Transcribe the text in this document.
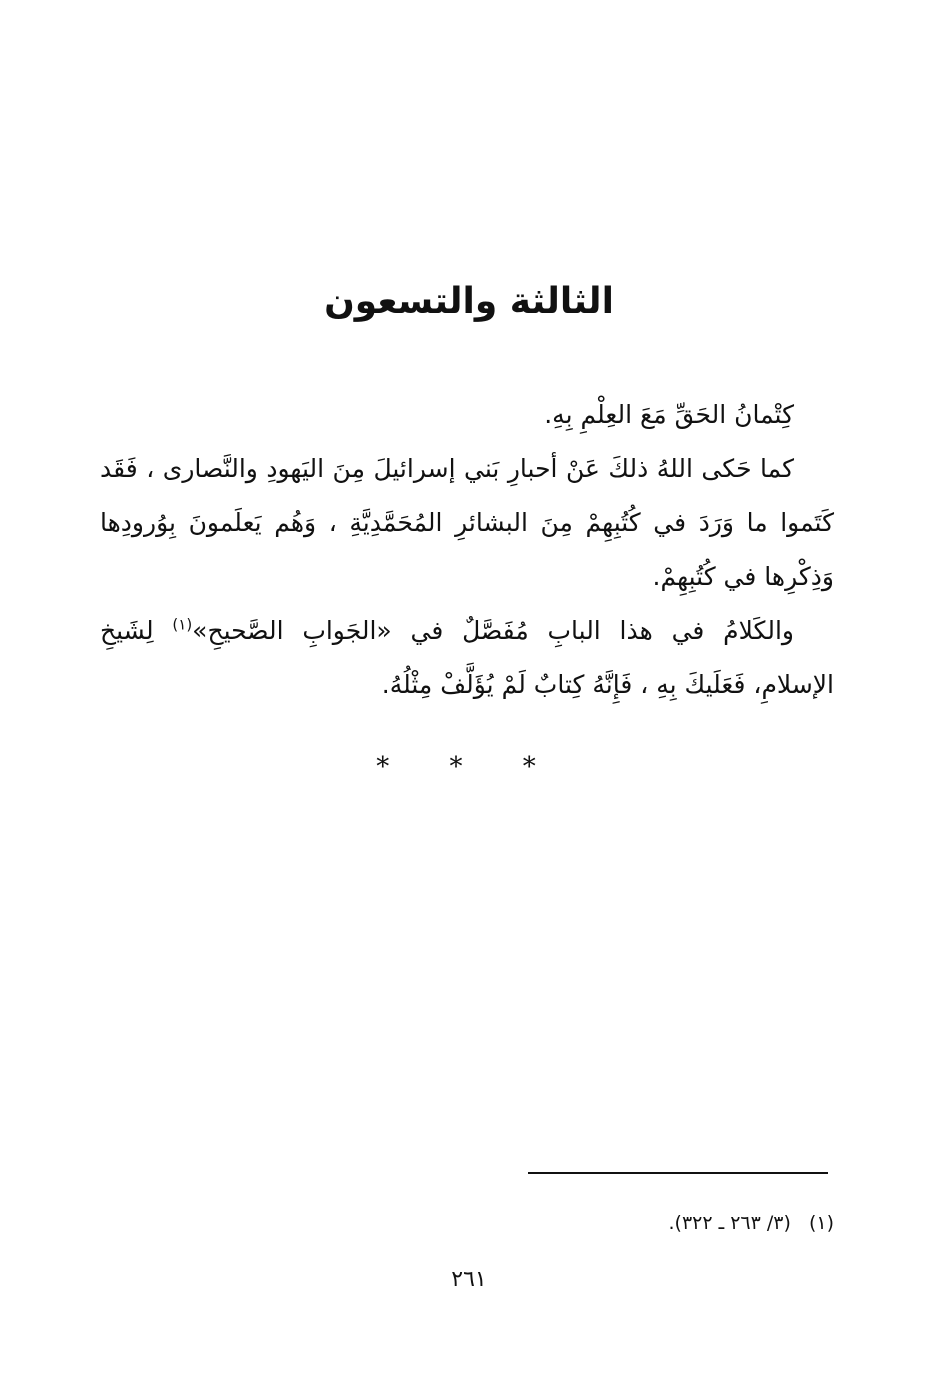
الثالثة والتسعون

كِتْمانُ الحَقِّ مَعَ العِلْمِ بِهِ.

كما حَكى اللهُ ذلكَ عَنْ أحبارِ بَني إسرائيلَ مِنَ اليَهودِ والنَّصارى ، فَقَد كَتَموا ما وَرَدَ في كُتُبِهِمْ مِنَ البشائرِ المُحَمَّدِيَّةِ ، وَهُم يَعلَمونَ بِوُرودِها وَذِكْرِها في كُتُبِهِمْ.

والكَلامُ في هذا البابِ مُفَصَّلٌ في «الجَوابِ الصَّحيحِ»$^{(١)}$ لِشَيخِ الإسلامِ، فَعَلَيكَ بِهِ ، فَإِنَّهُ كِتابٌ لَمْ يُؤَلَّفْ مِثْلُهُ.

* * *
(١)(٣/ ٢٦٣ ـ ٣٢٢).
٢٦١
